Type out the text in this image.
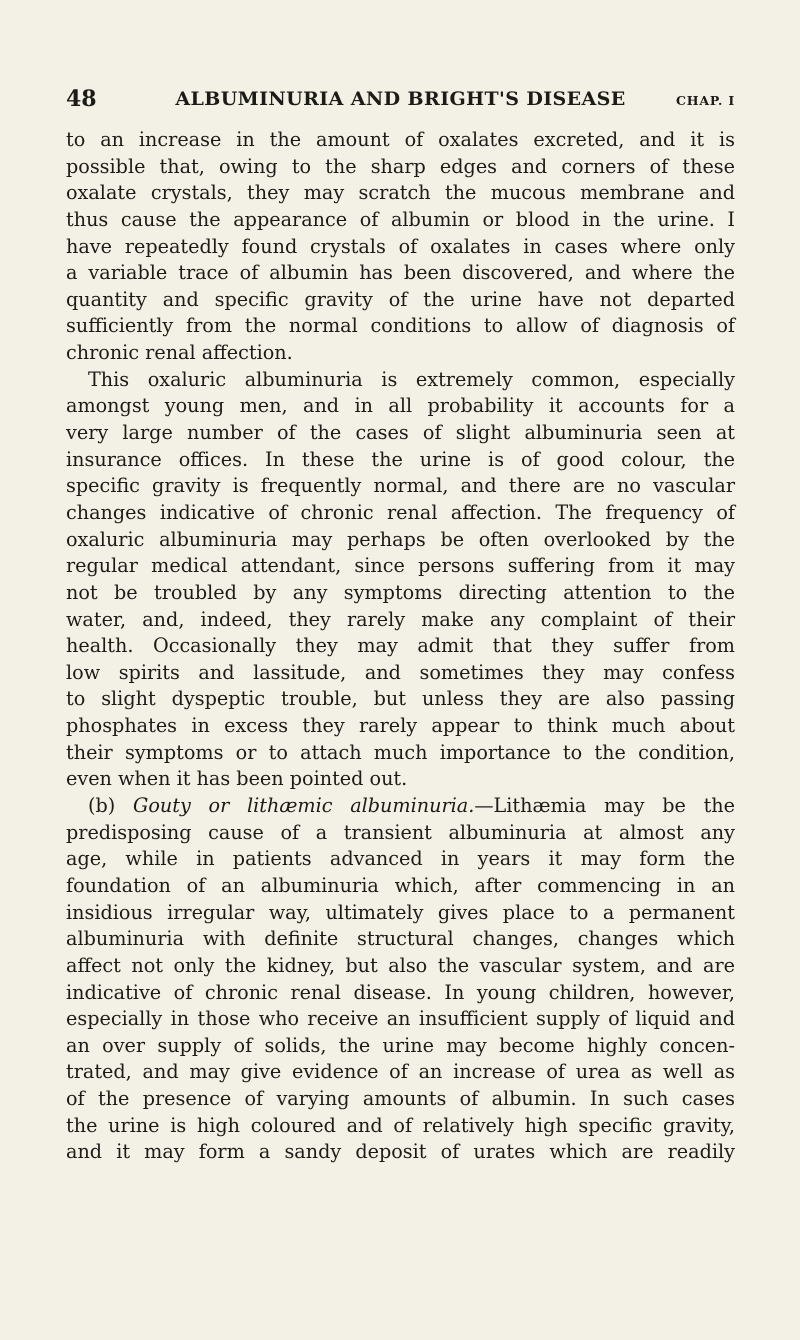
48	ALBUMINURIA AND BRIGHT'S DISEASE	CHAP. I
to an increase in the amount of oxalates excreted, and it is
possible that, owing to the sharp edges and corners of these
oxalate crystals, they may scratch the mucous membrane and
thus cause the appearance of albumin or blood in the urine. I
have repeatedly found crystals of oxalates in cases where only
a variable trace of albumin has been discovered, and where the
quantity and specific gravity of the urine have not departed
sufficiently from the normal conditions to allow of diagnosis of
chronic renal affection.
This oxaluric albuminuria is extremely common, especially
amongst young men, and in all probability it accounts for a
very large number of the cases of slight albuminuria seen at
insurance offices. In these the urine is of good colour, the
specific gravity is frequently normal, and there are no vascular
changes indicative of chronic renal affection. The frequency of
oxaluric albuminuria may perhaps be often overlooked by the
regular medical attendant, since persons suffering from it may
not be troubled by any symptoms directing attention to the
water, and, indeed, they rarely make any complaint of their
health. Occasionally they may admit that they suffer from
low spirits and lassitude, and sometimes they may confess
to slight dyspeptic trouble, but unless they are also passing
phosphates in excess they rarely appear to think much about
their symptoms or to attach much importance to the condition,
even when it has been pointed out.
(b) Gouty or lithæmic albuminuria.—Lithæmia may be the
predisposing cause of a transient albuminuria at almost any
age, while in patients advanced in years it may form the
foundation of an albuminuria which, after commencing in an
insidious irregular way, ultimately gives place to a permanent
albuminuria with definite structural changes, changes which
affect not only the kidney, but also the vascular system, and are
indicative of chronic renal disease. In young children, however,
especially in those who receive an insufficient supply of liquid and
an over supply of solids, the urine may become highly concen-
trated, and may give evidence of an increase of urea as well as
of the presence of varying amounts of albumin. In such cases
the urine is high coloured and of relatively high specific gravity,
and it may form a sandy deposit of urates which are readily
